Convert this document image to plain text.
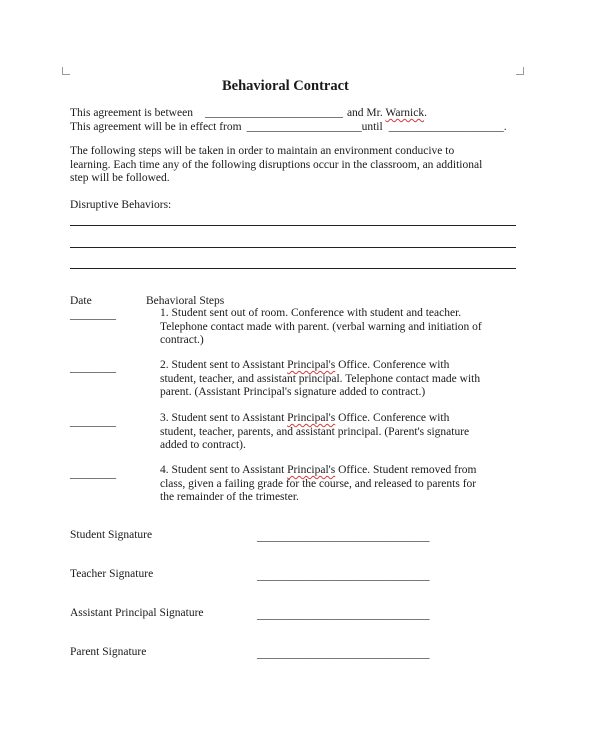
Behavioral Contract
This agreement is between ________________________ and Mr. Warnick.
This agreement will be in effect from ____________________until ____________________.
The following steps will be taken in order to maintain an environment conducive to
learning. Each time any of the following disruptions occur in the classroom, an additional
step will be followed.
Disruptive Behaviors:
Date	Behavioral Steps
________	1. Student sent out of room. Conference with student and teacher.
Telephone contact made with parent. (verbal warning and initiation of
contract.)
________	2. Student sent to Assistant Principal's Office. Conference with
student, teacher, and assistant principal. Telephone contact made with
parent. (Assistant Principal's signature added to contract.)
________	3. Student sent to Assistant Principal's Office. Conference with
student, teacher, parents, and assistant principal. (Parent's signature
added to contract).
________	4. Student sent to Assistant Principal's Office. Student removed from
class, given a failing grade for the course, and released to parents for
the remainder of the trimester.
Student Signature	______________________________
Teacher Signature	______________________________
Assistant Principal Signature	______________________________
Parent Signature	______________________________
